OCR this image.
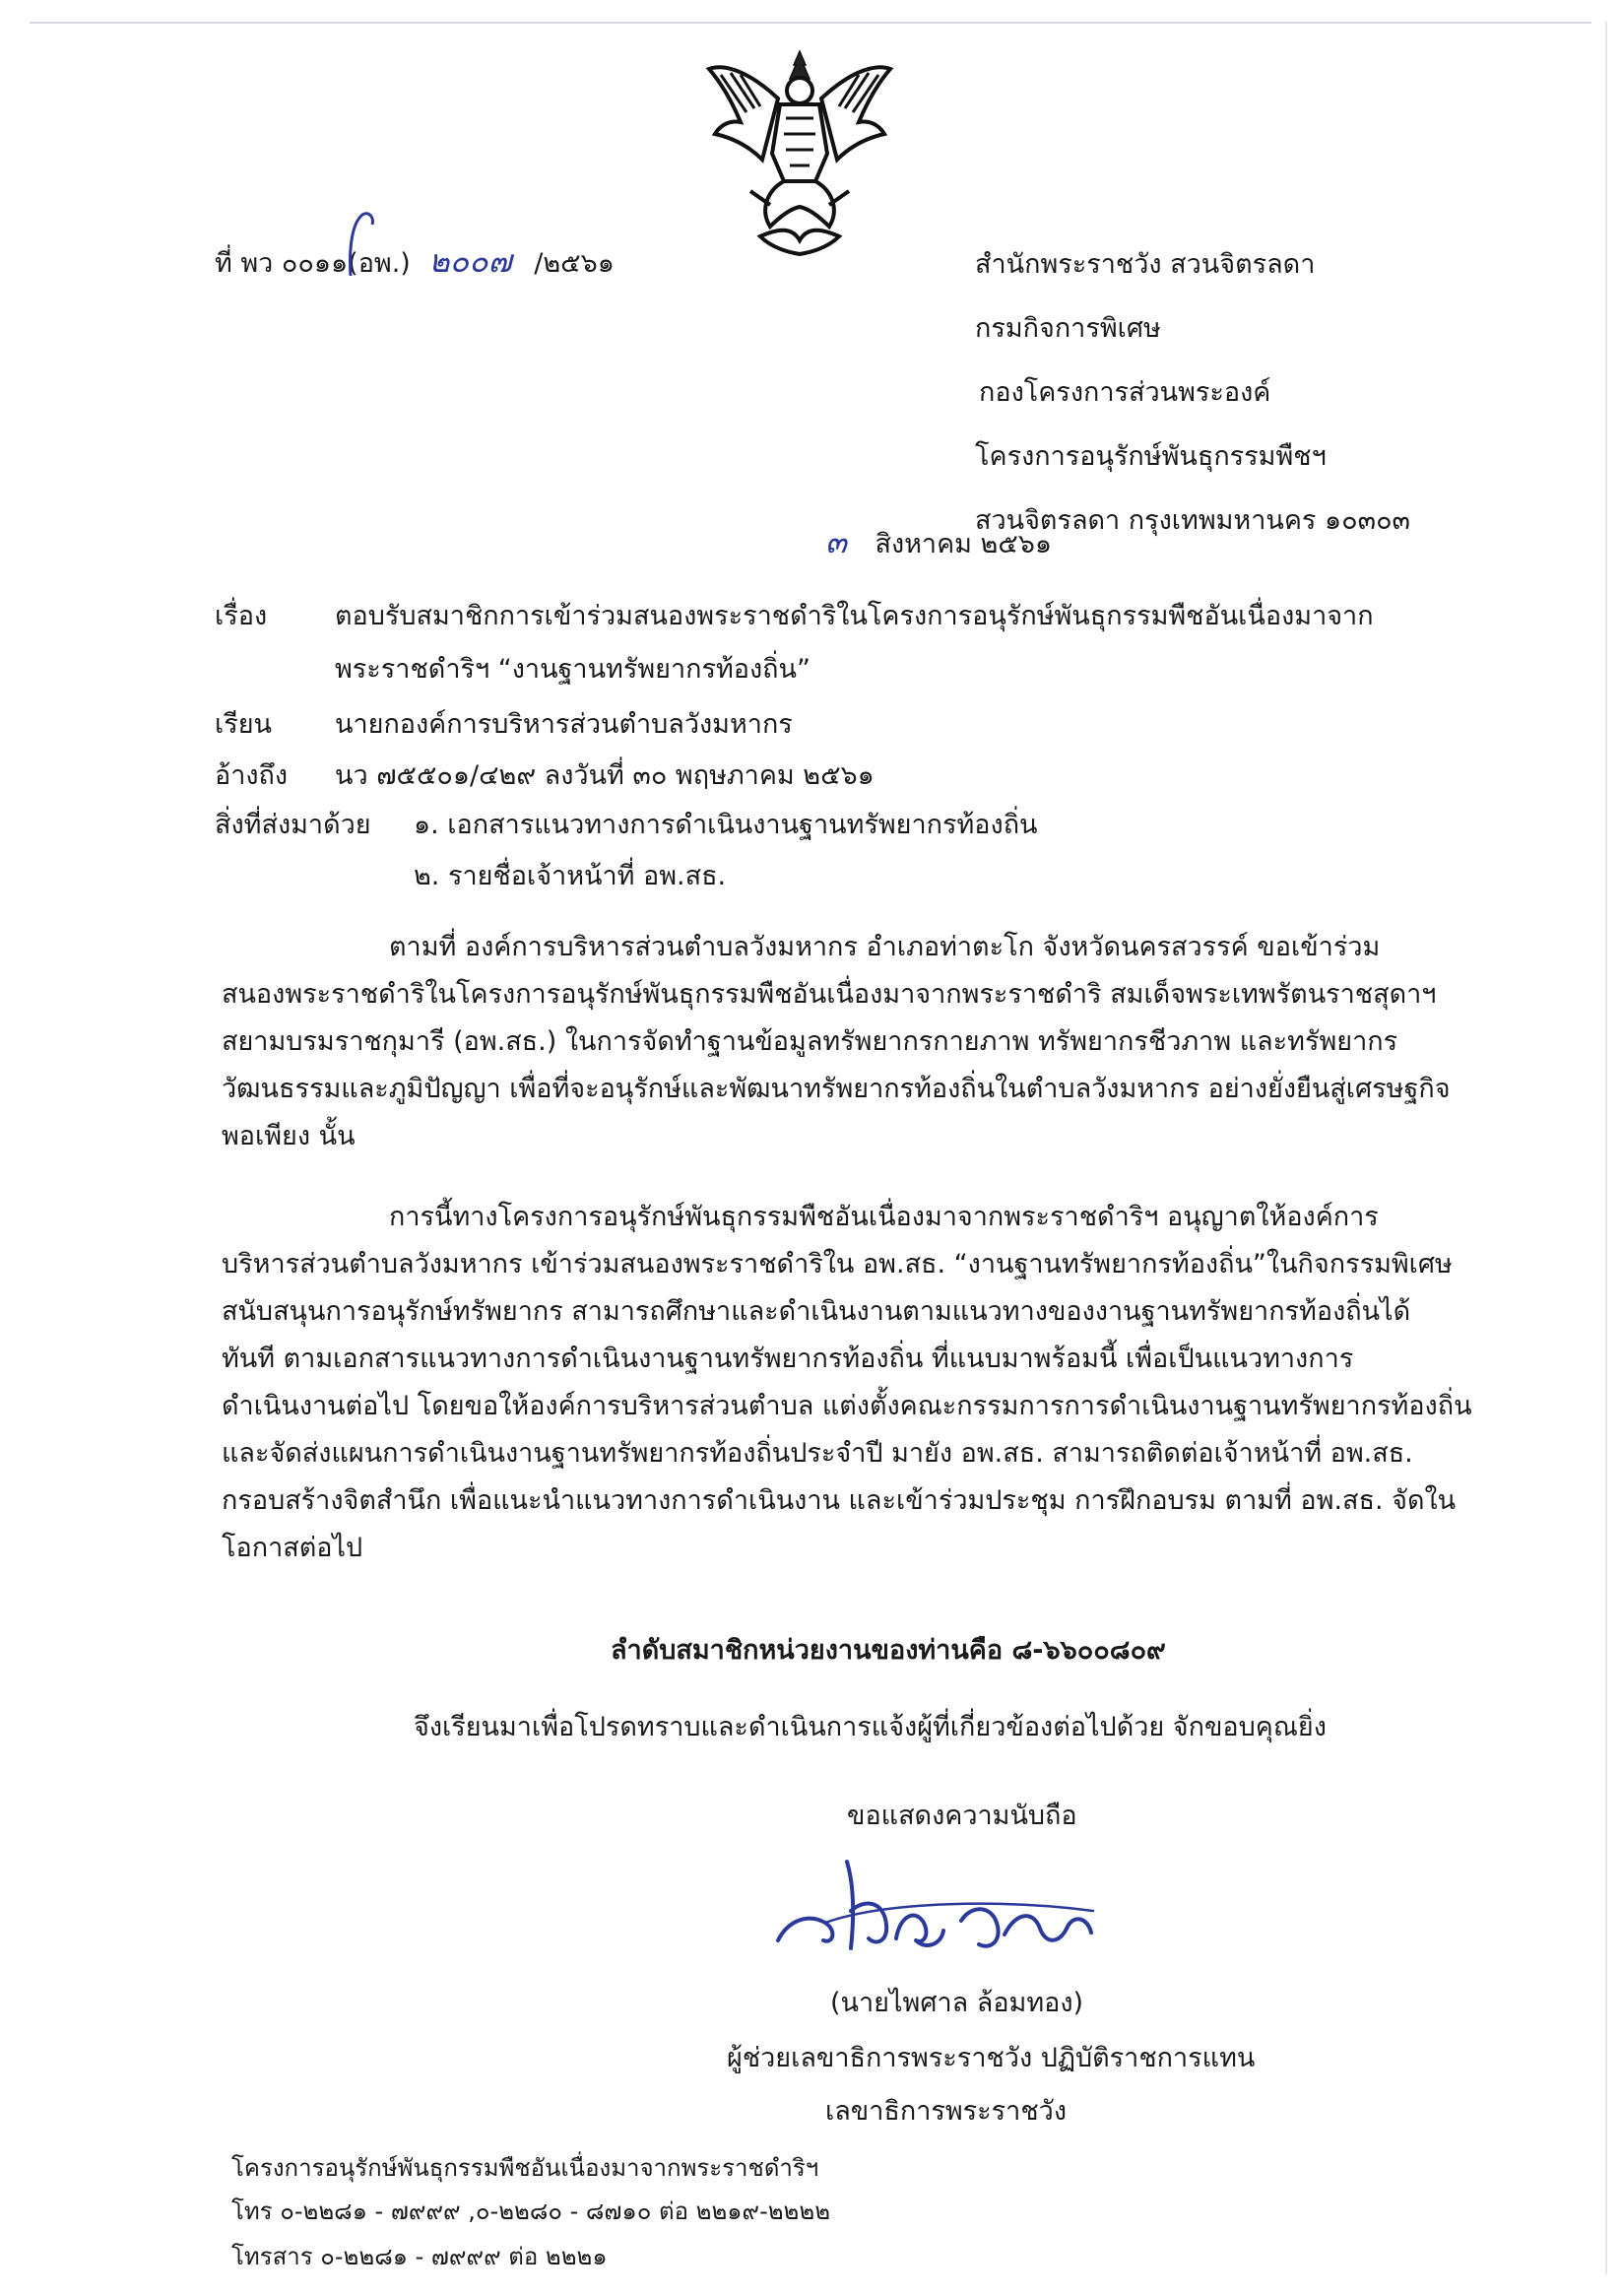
ที่ พว ๐๐๑๑(อพ.) ๒๐๐๗ /๒๕๖๑	สำนักพระราชวัง สวนจิตรลดา
กรมกิจการพิเศษ
กองโครงการส่วนพระองค์
โครงการอนุรักษ์พันธุกรรมพืชฯ
สวนจิตรลดา กรุงเทพมหานคร ๑๐๓๐๓
๓ สิงหาคม ๒๕๖๑
เรื่อง	ตอบรับสมาชิกการเข้าร่วมสนองพระราชดำริในโครงการอนุรักษ์พันธุกรรมพืชอันเนื่องมาจาก
พระราชดำริฯ “งานฐานทรัพยากรท้องถิ่น”
เรียน นายกองค์การบริหารส่วนตำบลวังมหากร
อ้างถึง นว ๗๕๕๐๑/๔๒๙ ลงวันที่ ๓๐ พฤษภาคม ๒๕๖๑
สิ่งที่ส่งมาด้วย ๑. เอกสารแนวทางการดำเนินงานฐานทรัพยากรท้องถิ่น
๒. รายชื่อเจ้าหน้าที่ อพ.สธ.
ตามที่ องค์การบริหารส่วนตำบลวังมหากร อำเภอท่าตะโก จังหวัดนครสวรรค์ ขอเข้าร่วม
สนองพระราชดำริในโครงการอนุรักษ์พันธุกรรมพืชอันเนื่องมาจากพระราชดำริ สมเด็จพระเทพรัตนราชสุดาฯ
สยามบรมราชกุมารี (อพ.สธ.) ในการจัดทำฐานข้อมูลทรัพยากรกายภาพ ทรัพยากรชีวภาพ และทรัพยากร
วัฒนธรรมและภูมิปัญญา เพื่อที่จะอนุรักษ์และพัฒนาทรัพยากรท้องถิ่นในตำบลวังมหากร อย่างยั่งยืนสู่เศรษฐกิจ
พอเพียง นั้น
การนี้ทางโครงการอนุรักษ์พันธุกรรมพืชอันเนื่องมาจากพระราชดำริฯ อนุญาตให้องค์การ
บริหารส่วนตำบลวังมหากร เข้าร่วมสนองพระราชดำริใน อพ.สธ. “งานฐานทรัพยากรท้องถิ่น”ในกิจกรรมพิเศษ
สนับสนุนการอนุรักษ์ทรัพยากร สามารถศึกษาและดำเนินงานตามแนวทางของงานฐานทรัพยากรท้องถิ่นได้
ทันที ตามเอกสารแนวทางการดำเนินงานฐานทรัพยากรท้องถิ่น ที่แนบมาพร้อมนี้ เพื่อเป็นแนวทางการ
ดำเนินงานต่อไป โดยขอให้องค์การบริหารส่วนตำบล แต่งตั้งคณะกรรมการการดำเนินงานฐานทรัพยากรท้องถิ่น
และจัดส่งแผนการดำเนินงานฐานทรัพยากรท้องถิ่นประจำปี มายัง อพ.สธ. สามารถติดต่อเจ้าหน้าที่ อพ.สธ.
กรอบสร้างจิตสำนึก เพื่อแนะนำแนวทางการดำเนินงาน และเข้าร่วมประชุม การฝึกอบรม ตามที่ อพ.สธ. จัดใน
โอกาสต่อไป
ลำดับสมาชิกหน่วยงานของท่านคือ ๘-๖๖๐๐๘๐๙
จึงเรียนมาเพื่อโปรดทราบและดำเนินการแจ้งผู้ที่เกี่ยวข้องต่อไปด้วย จักขอบคุณยิ่ง
ขอแสดงความนับถือ
(นายไพศาล ล้อมทอง)
ผู้ช่วยเลขาธิการพระราชวัง ปฏิบัติราชการแทน
เลขาธิการพระราชวัง
โครงการอนุรักษ์พันธุกรรมพืชอันเนื่องมาจากพระราชดำริฯ
โทร ๐-๒๒๘๑ - ๗๙๙๙ ,๐-๒๒๘๐ - ๘๗๑๐ ต่อ ๒๒๑๙-๒๒๒๒
โทรสาร ๐-๒๒๘๑ - ๗๙๙๙ ต่อ ๒๒๒๑
